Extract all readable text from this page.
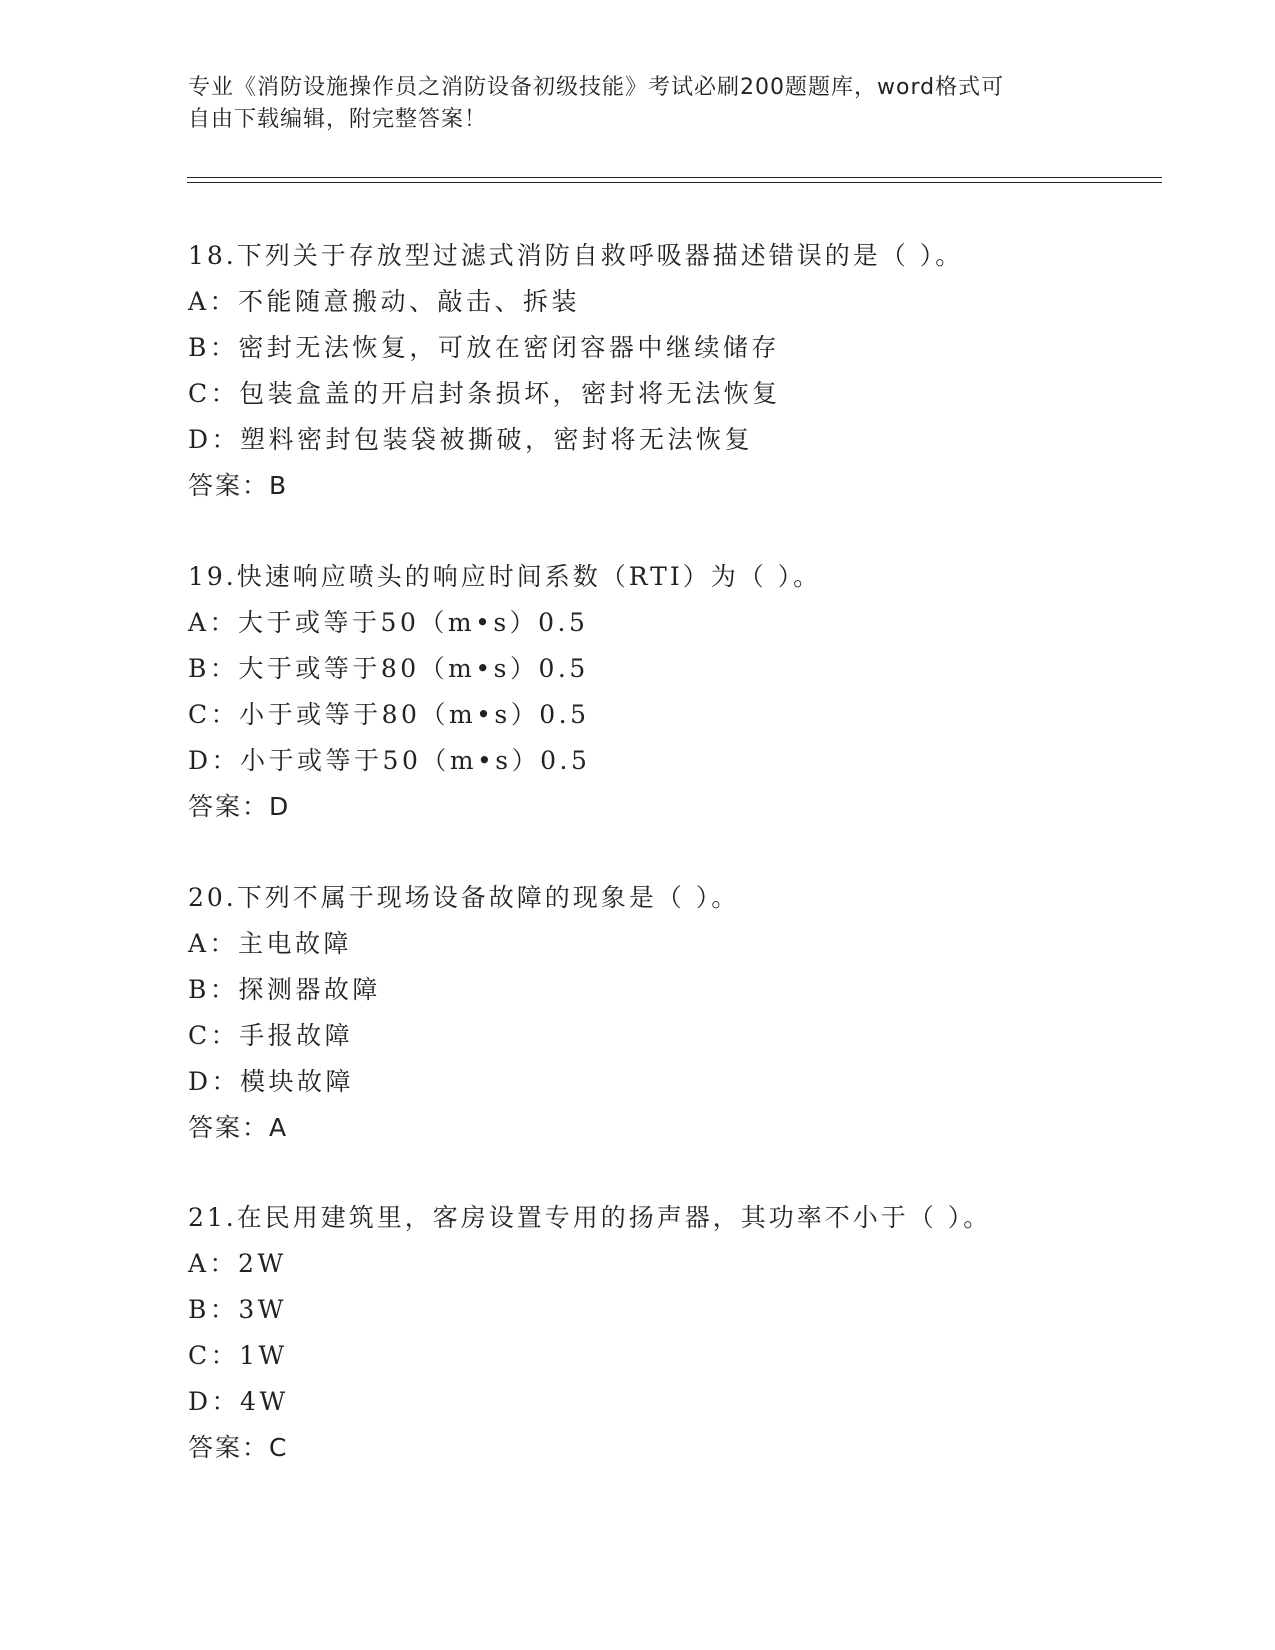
专业《消防设施操作员之消防设备初级技能》考试必刷200题题库，word格式可
自由下载编辑，附完整答案！
18.下列关于存放型过滤式消防自救呼吸器描述错误的是（ ）。
A：不能随意搬动、敲击、拆装
B：密封无法恢复，可放在密闭容器中继续储存
C：包装盒盖的开启封条损坏，密封将无法恢复
D：塑料密封包装袋被撕破，密封将无法恢复
答案：B
19.快速响应喷头的响应时间系数（RTI）为（ ）。
A：大于或等于50（m•s）0.5
B：大于或等于80（m•s）0.5
C：小于或等于80（m•s）0.5
D：小于或等于50（m•s）0.5
答案：D
20.下列不属于现场设备故障的现象是（ ）。
A：主电故障
B：探测器故障
C：手报故障
D：模块故障
答案：A
21.在民用建筑里，客房设置专用的扬声器，其功率不小于（ ）。
A：2W
B：3W
C：1W
D：4W
答案：C
